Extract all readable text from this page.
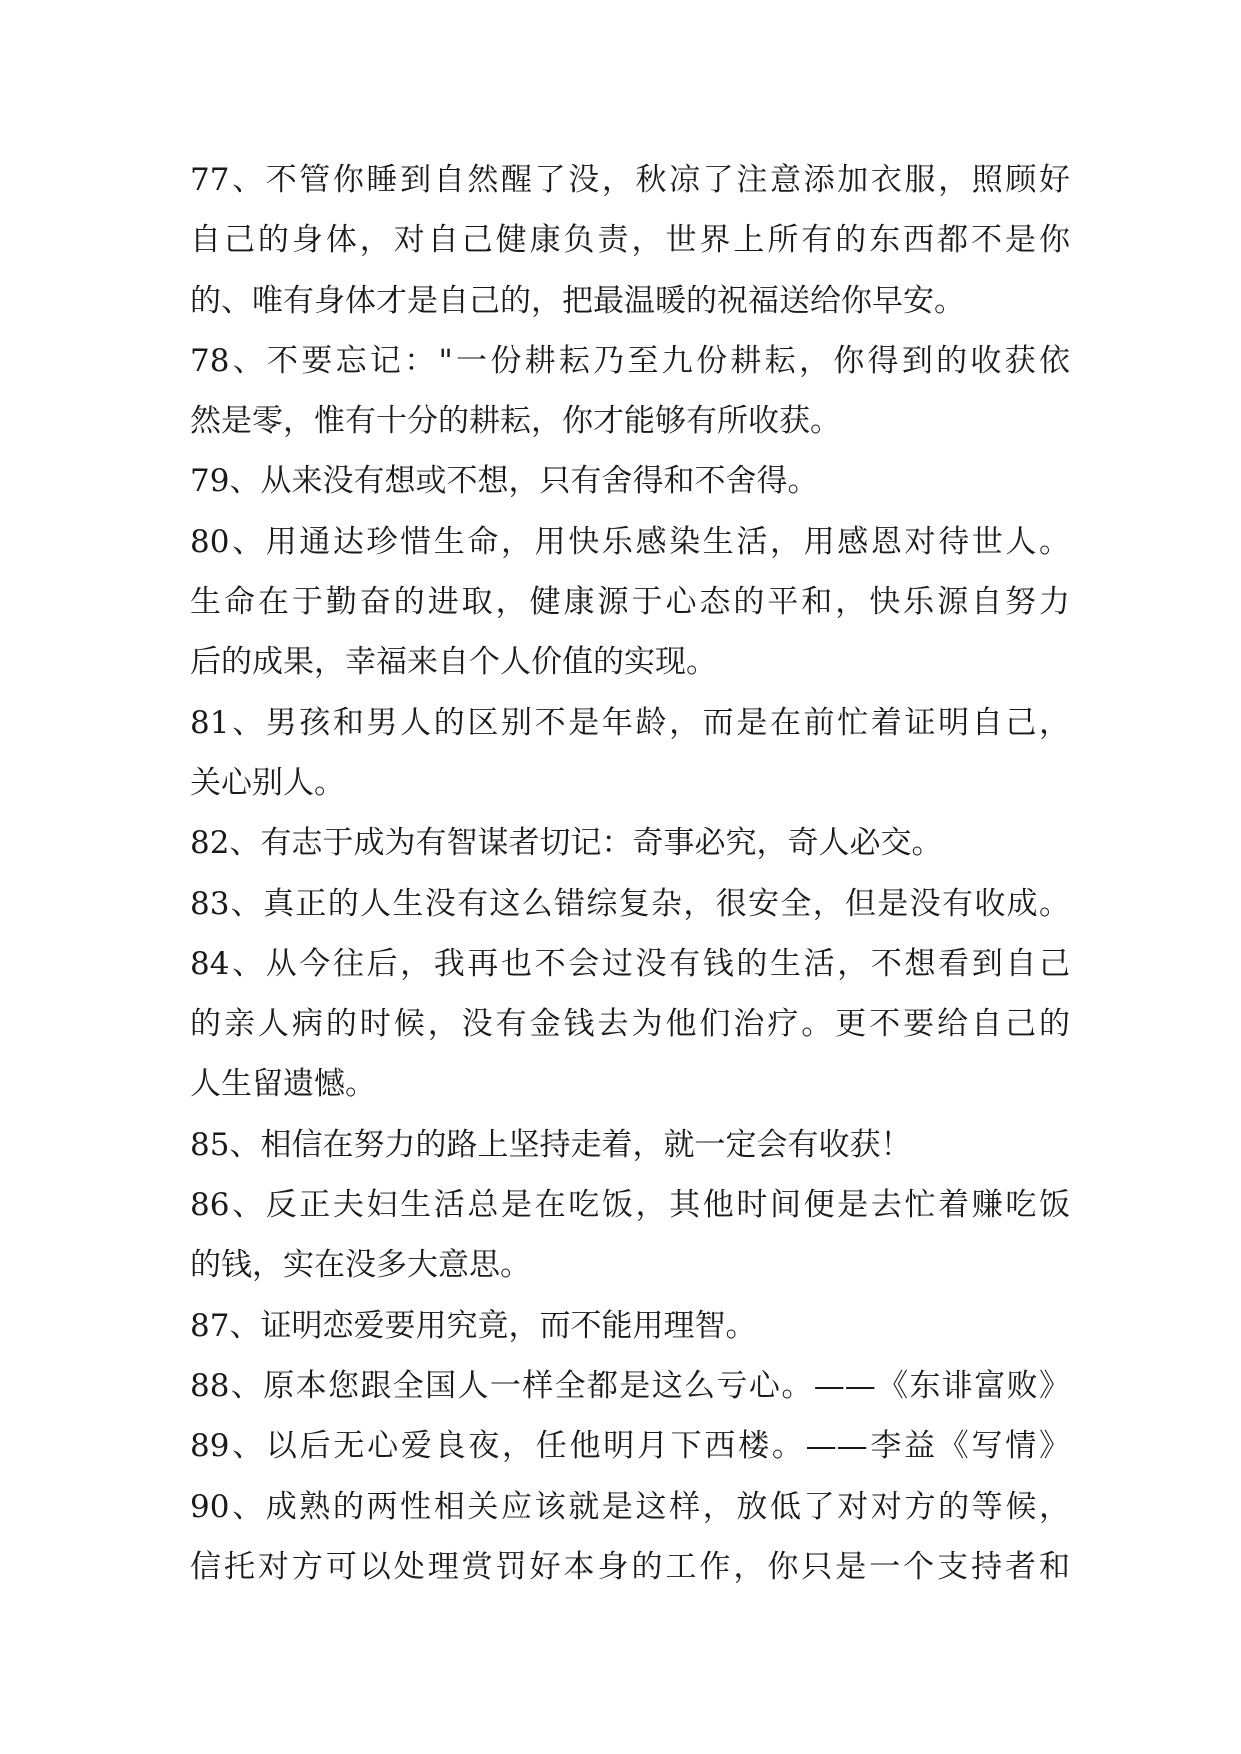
77、不管你睡到自然醒了没，秋凉了注意添加衣服，照顾好
自己的身体，对自己健康负责，世界上所有的东西都不是你
的、唯有身体才是自己的，把最温暖的祝福送给你早安。
78、不要忘记："一份耕耘乃至九份耕耘，你得到的收获依
然是零，惟有十分的耕耘，你才能够有所收获。
79、从来没有想或不想，只有舍得和不舍得。
80、用通达珍惜生命，用快乐感染生活，用感恩对待世人。
生命在于勤奋的进取，健康源于心态的平和，快乐源自努力
后的成果，幸福来自个人价值的实现。
81、男孩和男人的区别不是年龄，而是在前忙着证明自己，
关心别人。
82、有志于成为有智谋者切记：奇事必究，奇人必交。
83、真正的人生没有这么错综复杂，很安全，但是没有收成。
84、从今往后，我再也不会过没有钱的生活，不想看到自己
的亲人病的时候，没有金钱去为他们治疗。更不要给自己的
人生留遗憾。
85、相信在努力的路上坚持走着，就一定会有收获！
86、反正夫妇生活总是在吃饭，其他时间便是去忙着赚吃饭
的钱，实在没多大意思。
87、证明恋爱要用究竟，而不能用理智。
88、原本您跟全国人一样全都是这么亏心。——《东诽富败》
89、以后无心爱良夜，任他明月下西楼。——李益《写情》
90、成熟的两性相关应该就是这样，放低了对对方的等候，
信托对方可以处理赏罚好本身的工作，你只是一个支持者和
